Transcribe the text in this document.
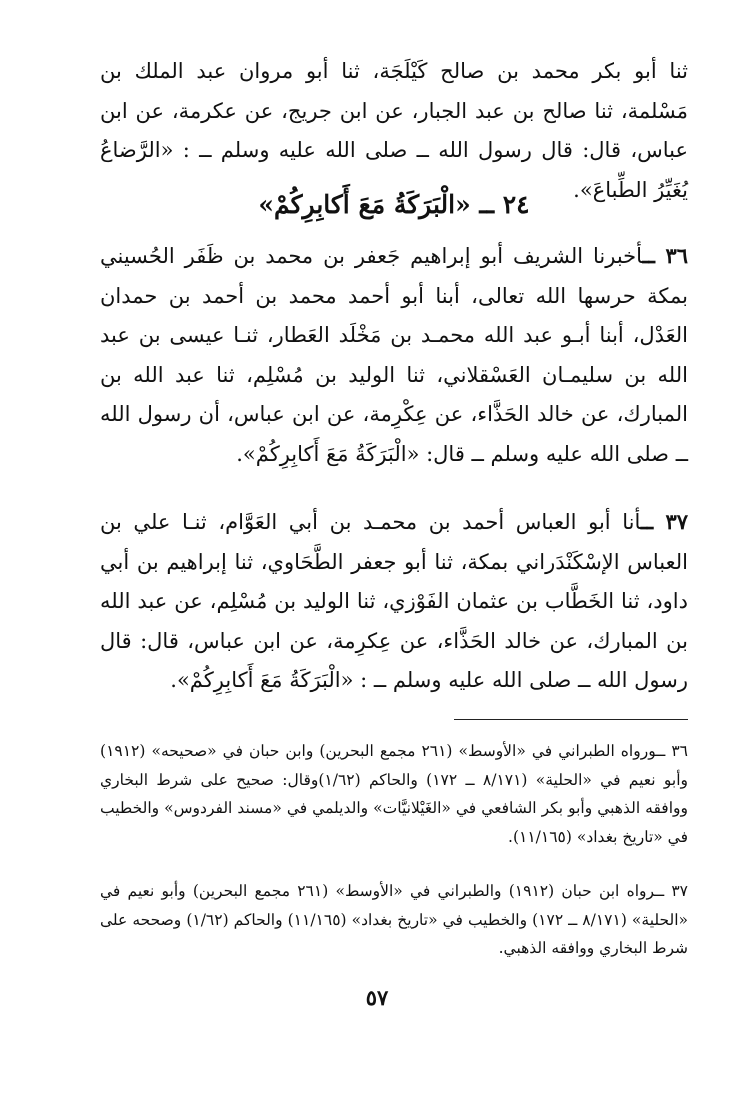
ثنا أبو بكر محمد بن صالح كَيْلَجَة، ثنا أبو مروان عبد الملك بن مَسْلمة، ثنا صالح بن عبد الجبار، عن ابن جريج، عن عكرمة، عن ابن عباس، قال: قال رسول الله ــ صلى الله عليه وسلم ــ : «الرَّضاعُ يُغَيِّرُ الطِّباعَ».

٢٤ ــ «الْبَرَكَةُ مَعَ أَكابِرِكُمْ»

٣٦ ــأخبرنا الشريف أبو إبراهيم جَعفر بن محمد بن ظَفَر الحُسيني بمكة حرسها الله تعالى، أبنا أبو أحمد محمد بن أحمد بن حمدان العَدْل، أبنا أبـو عبد الله محمـد بن مَخْلَد العَطار، ثنـا عيسى بن عبد الله بن سليمـان العَسْقلاني، ثنا الوليد بن مُسْلِم، ثنا عبد الله بن المبارك، عن خالد الحَذَّاء، عن عِكْرِمة، عن ابن عباس، أن رسول الله ــ صلى الله عليه وسلم ــ قال: «الْبَرَكَةُ مَعَ أَكابِرِكُمْ».

٣٧ ــأنا أبو العباس أحمد بن محمـد بن أبي العَوَّام، ثنـا علي بن العباس الإسْكَنْدَراني بمكة، ثنا أبو جعفر الطَّحَاوي، ثنا إبراهيم بن أبي داود، ثنا الخَطَّاب بن عثمان الفَوْزي، ثنا الوليد بن مُسْلِم، عن عبد الله بن المبارك، عن خالد الحَذَّاء، عن عِكرِمة، عن ابن عباس، قال: قال رسول الله ــ صلى الله عليه وسلم ــ : «الْبَرَكَةُ مَعَ أَكابِرِكُمْ».

٣٦ ــورواه الطبراني في «الأوسط» (٢٦١ مجمع البحرين) وابن حبان في «صحيحه» (١٩١٢) وأبو نعيم في «الحلية» (٨/١٧١ ــ ١٧٢) والحاكم (١/٦٢)وقال: صحيح على شرط البخاري ووافقه الذهبي وأبو بكر الشافعي في «الغَيْلانيَّات» والديلمي في «مسند الفردوس» والخطيب في «تاريخ بغداد» (١١/١٦٥).

٣٧ ــرواه ابن حبان (١٩١٢) والطبراني في «الأوسط» (٢٦١ مجمع البحرين) وأبو نعيم في «الحلية» (٨/١٧١ ــ ١٧٢) والخطيب في «تاريخ بغداد» (١١/١٦٥) والحاكم (١/٦٢) وصححه على شرط البخاري ووافقه الذهبي.

٥٧
